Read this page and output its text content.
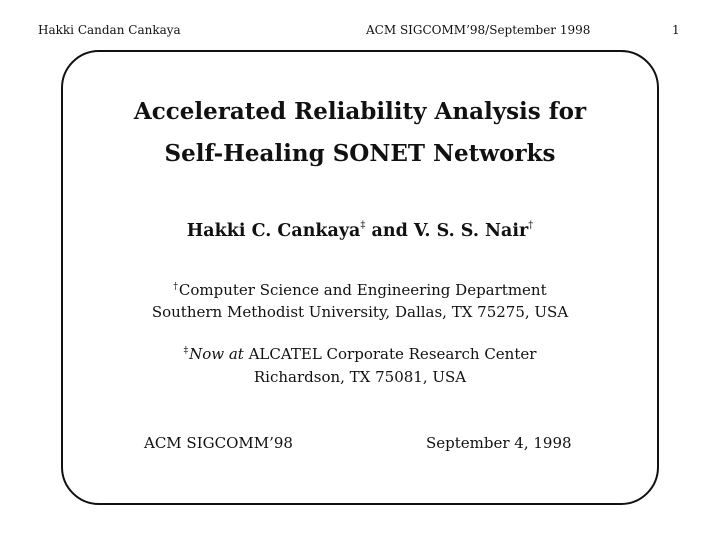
Hakki Candan Cankaya	ACM SIGCOMM’98/September 1998	1
Accelerated Reliability Analysis for
Self-Healing SONET Networks
Hakki C. Cankaya‡ and V. S. S. Nair†
†Computer Science and Engineering Department
Southern Methodist University, Dallas, TX 75275, USA
‡Now at ALCATEL Corporate Research Center
Richardson, TX 75081, USA
ACM SIGCOMM’98	September 4, 1998
